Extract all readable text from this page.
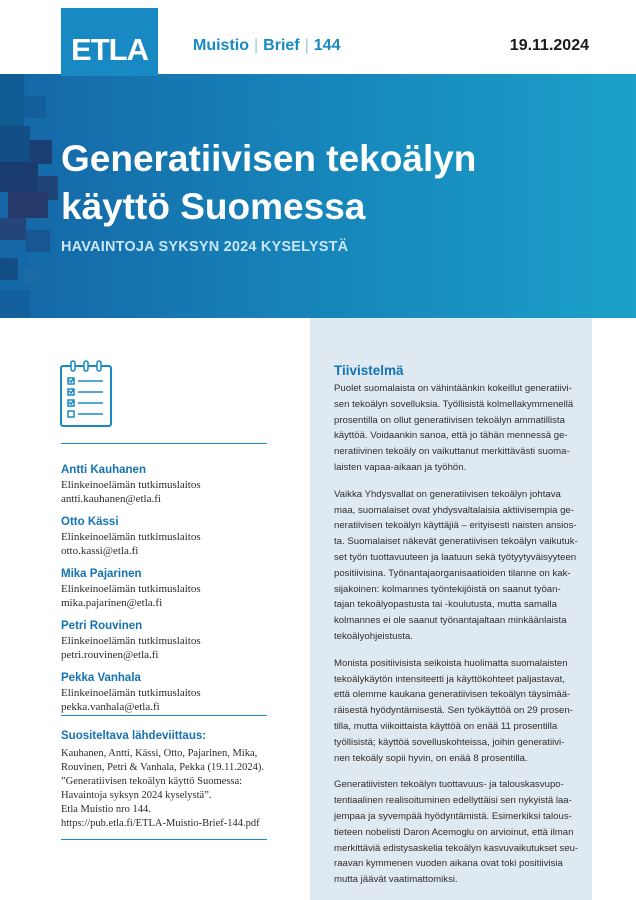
ETLA	Muistio | Brief | 144	19.11.2024
Generatiivisen tekoälyn
käyttö Suomessa
HAVAINTOJA SYKSYN 2024 KYSELYSTÄ
Antti Kauhanen
Elinkeinoelämän tutkimuslaitos
antti.kauhanen@etla.fi
Otto Kässi
Elinkeinoelämän tutkimuslaitos
otto.kassi@etla.fi
Mika Pajarinen
Elinkeinoelämän tutkimuslaitos
mika.pajarinen@etla.fi
Petri Rouvinen
Elinkeinoelämän tutkimuslaitos
petri.rouvinen@etla.fi
Pekka Vanhala
Elinkeinoelämän tutkimuslaitos
pekka.vanhala@etla.fi
Suositeltava lähdeviittaus:
Kauhanen, Antti, Kässi, Otto, Pajarinen, Mika,
Rouvinen, Petri & Vanhala, Pekka (19.11.2024).
”Generatiivisen tekoälyn käyttö Suomessa:
Havaintoja syksyn 2024 kyselystä”.
Etla Muistio nro 144.
https://pub.etla.fi/ETLA-Muistio-Brief-144.pdf
Tiivistelmä
Puolet suomalaista on vähintäänkin kokeillut generatiivi-
sen tekoälyn sovelluksia. Työllisistä kolmellakymmenellä
prosentilla on ollut generatiivisen tekoälyn ammatillista
käyttöä. Voidaankin sanoa, että jo tähän mennessä ge-
neratiivinen tekoäly on vaikuttanut merkittävästi suoma-
laisten vapaa-aikaan ja työhön.
Vaikka Yhdysvallat on generatiivisen tekoälyn johtava
maa, suomalaiset ovat yhdysvaltalaisia aktiivisempia ge-
neratiivisen tekoälyn käyttäjiä – erityisesti naisten ansios-
ta. Suomalaiset näkevät generatiivisen tekoälyn vaikutuk-
set työn tuottavuuteen ja laatuun sekä työtyytyväisyyteen
positiivisina. Työnantajaorganisaatioiden tilanne on kak-
sijakoinen: kolmannes työntekijöistä on saanut työan-
tajan tekoälyopastusta tai -koulutusta, mutta samalla
kolmannes ei ole saanut työnantajaltaan minkäänlaista
tekoälyohjeistusta.
Monista positiivisista seikoista huolimatta suomalaisten
tekoälykäytön intensiteetti ja käyttökohteet paljastavat,
että olemme kaukana generatiivisen tekoälyn täysimää-
räisestä hyödyntämisestä. Sen työkäyttöä on 29 prosen-
tilla, mutta viikoittaista käyttöä on enää 11 prosentilla
työllisistä; käyttöä sovelluskohteissa, joihin generatiivi-
nen tekoäly sopii hyvin, on enää 8 prosentilla.
Generatiivisten tekoälyn tuottavuus- ja talouskasvupo-
tentiaalinen realisoituminen edellyttäisi sen nykyistä laa-
jempaa ja syvempää hyödyntämistä. Esimerkiksi talous-
tieteen nobelisti Daron Acemoglu on arvioinut, että ilman
merkittäviä edistysaskelia tekoälyn kasvuvaikutukset seu-
raavan kymmenen vuoden aikana ovat toki positiivisia
mutta jäävät vaatimattomiksi.
